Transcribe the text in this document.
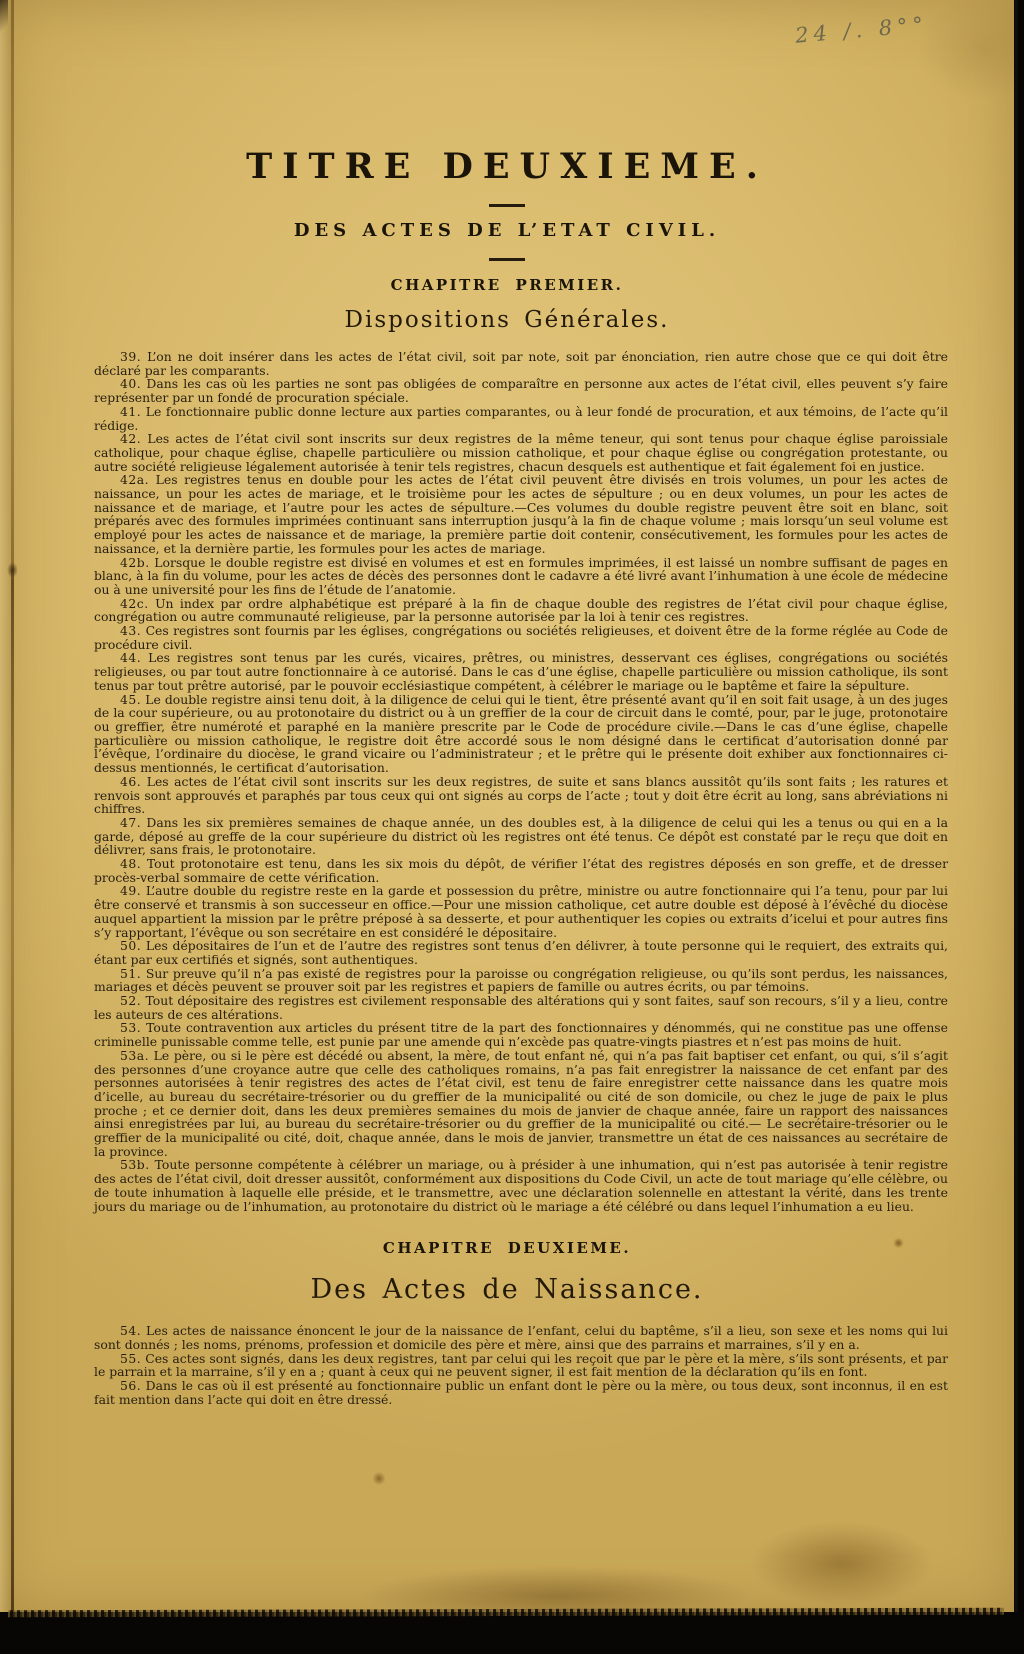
24 /. 8°°
TITRE DEUXIEME.
DES ACTES DE L’ETAT CIVIL.
CHAPITRE PREMIER.
Dispositions Générales.

39. L’on ne doit insérer dans les actes de l’état civil, soit par note, soit par énonciation, rien autre chose que ce qui doit être déclaré par les comparants.

40. Dans les cas où les parties ne sont pas obligées de comparaître en personne aux actes de l’état civil, elles peuvent s’y faire représenter par un fondé de procuration spéciale.

41. Le fonctionnaire public donne lecture aux parties comparantes, ou à leur fondé de procuration, et aux témoins, de l’acte qu’il rédige.

42. Les actes de l’état civil sont inscrits sur deux registres de la même teneur, qui sont tenus pour chaque église paroissiale catholique, pour chaque église, chapelle particulière ou mission catholique, et pour chaque église ou congrégation protestante, ou autre société religieuse légalement autorisée à tenir tels registres, chacun desquels est authentique et fait également foi en justice.

42a. Les registres tenus en double pour les actes de l’état civil peuvent être divisés en trois volumes, un pour les actes de naissance, un pour les actes de mariage, et le troisième pour les actes de sépulture ; ou en deux volumes, un pour les actes de naissance et de mariage, et l’autre pour les actes de sépulture.—Ces volumes du double registre peuvent être soit en blanc, soit préparés avec des formules imprimées continuant sans interruption jusqu’à la fin de chaque volume ; mais lorsqu’un seul volume est employé pour les actes de naissance et de mariage, la première partie doit contenir, consécutivement, les formules pour les actes de naissance, et la dernière partie, les formules pour les actes de mariage.

42b. Lorsque le double registre est divisé en volumes et est en formules imprimées, il est laissé un nombre suffisant de pages en blanc, à la fin du volume, pour les actes de décès des personnes dont le cadavre a été livré avant l’inhumation à une école de médecine ou à une université pour les fins de l’étude de l’anatomie.

42c. Un index par ordre alphabétique est préparé à la fin de chaque double des registres de l’état civil pour chaque église, congrégation ou autre communauté religieuse, par la personne autorisée par la loi à tenir ces registres.

43. Ces registres sont fournis par les églises, congrégations ou sociétés religieuses, et doivent être de la forme réglée au Code de procédure civil.

44. Les registres sont tenus par les curés, vicaires, prêtres, ou ministres, desservant ces églises, congrégations ou sociétés religieuses, ou par tout autre fonctionnaire à ce autorisé. Dans le cas d’une église, chapelle particulière ou mission catholique, ils sont tenus par tout prêtre autorisé, par le pouvoir ecclésiastique compétent, à célébrer le mariage ou le baptême et faire la sépulture.

45. Le double registre ainsi tenu doit, à la diligence de celui qui le tient, être présenté avant qu’il en soit fait usage, à un des juges de la cour supérieure, ou au protonotaire du district ou à un greffier de la cour de circuit dans le comté, pour, par le juge, protonotaire ou greffier, être numéroté et paraphé en la manière prescrite par le Code de procédure civile.—Dans le cas d’une église, chapelle particulière ou mission catholique, le registre doit être accordé sous le nom désigné dans le certificat d’autorisation donné par l’évêque, l’ordinaire du diocèse, le grand vicaire ou l’administrateur ; et le prêtre qui le présente doit exhiber aux fonctionnaires ci-dessus mentionnés, le certificat d’autorisation.

46. Les actes de l’état civil sont inscrits sur les deux registres, de suite et sans blancs aussitôt qu’ils sont faits ; les ratures et renvois sont approuvés et paraphés par tous ceux qui ont signés au corps de l’acte ; tout y doit être écrit au long, sans abréviations ni chiffres.

47. Dans les six premières semaines de chaque année, un des doubles est, à la diligence de celui qui les a tenus ou qui en a la garde, déposé au greffe de la cour supérieure du district où les registres ont été tenus. Ce dépôt est constaté par le reçu que doit en délivrer, sans frais, le protonotaire.

48. Tout protonotaire est tenu, dans les six mois du dépôt, de vérifier l’état des registres déposés en son greffe, et de dresser procès-verbal sommaire de cette vérification.

49. L’autre double du registre reste en la garde et possession du prêtre, ministre ou autre fonctionnaire qui l’a tenu, pour par lui être conservé et transmis à son successeur en office.—Pour une mission catholique, cet autre double est déposé à l’évêché du diocèse auquel appartient la mission par le prêtre préposé à sa desserte, et pour authentiquer les copies ou extraits d’icelui et pour autres fins s’y rapportant, l’évêque ou son secrétaire en est considéré le dépositaire.

50. Les dépositaires de l’un et de l’autre des registres sont tenus d’en délivrer, à toute personne qui le requiert, des extraits qui, étant par eux certifiés et signés, sont authentiques.

51. Sur preuve qu’il n’a pas existé de registres pour la paroisse ou congrégation religieuse, ou qu’ils sont perdus, les naissances, mariages et décès peuvent se prouver soit par les registres et papiers de famille ou autres écrits, ou par témoins.

52. Tout dépositaire des registres est civilement responsable des altérations qui y sont faites, sauf son recours, s’il y a lieu, contre les auteurs de ces altérations.

53. Toute contravention aux articles du présent titre de la part des fonctionnaires y dénommés, qui ne constitue pas une offense criminelle punissable comme telle, est punie par une amende qui n’excède pas quatre-vingts piastres et n’est pas moins de huit.

53a. Le père, ou si le père est décédé ou absent, la mère, de tout enfant né, qui n’a pas fait baptiser cet enfant, ou qui, s’il s’agit des personnes d’une croyance autre que celle des catholiques romains, n’a pas fait enregistrer la naissance de cet enfant par des personnes autorisées à tenir registres des actes de l’état civil, est tenu de faire enregistrer cette naissance dans les quatre mois d’icelle, au bureau du secrétaire-trésorier ou du greffier de la municipalité ou cité de son domicile, ou chez le juge de paix le plus proche ; et ce dernier doit, dans les deux premières semaines du mois de janvier de chaque année, faire un rapport des naissances ainsi enregistrées par lui, au bureau du secrétaire-trésorier ou du greffier de la municipalité ou cité.— Le secrétaire-trésorier ou le greffier de la municipalité ou cité, doit, chaque année, dans le mois de janvier, transmettre un état de ces naissances au secrétaire de la province.

53b. Toute personne compétente à célébrer un mariage, ou à présider à une inhumation, qui n’est pas autorisée à tenir registre des actes de l’état civil, doit dresser aussitôt, conformément aux dispositions du Code Civil, un acte de tout mariage qu’elle célèbre, ou de toute inhumation à laquelle elle préside, et le transmettre, avec une déclaration solennelle en attestant la vérité, dans les trente jours du mariage ou de l’inhumation, au protonotaire du district où le mariage a été célébré ou dans lequel l’inhumation a eu lieu.

CHAPITRE DEUXIEME.
Des Actes de Naissance.

54. Les actes de naissance énoncent le jour de la naissance de l’enfant, celui du baptême, s’il a lieu, son sexe et les noms qui lui sont donnés ; les noms, prénoms, profession et domicile des père et mère, ainsi que des parrains et marraines, s’il y en a.

55. Ces actes sont signés, dans les deux registres, tant par celui qui les reçoit que par le père et la mère, s’ils sont présents, et par le parrain et la marraine, s’il y en a ; quant à ceux qui ne peuvent signer, il est fait mention de la déclaration qu’ils en font.

56. Dans le cas où il est présenté au fonctionnaire public un enfant dont le père ou la mère, ou tous deux, sont inconnus, il en est fait mention dans l’acte qui doit en être dressé.
